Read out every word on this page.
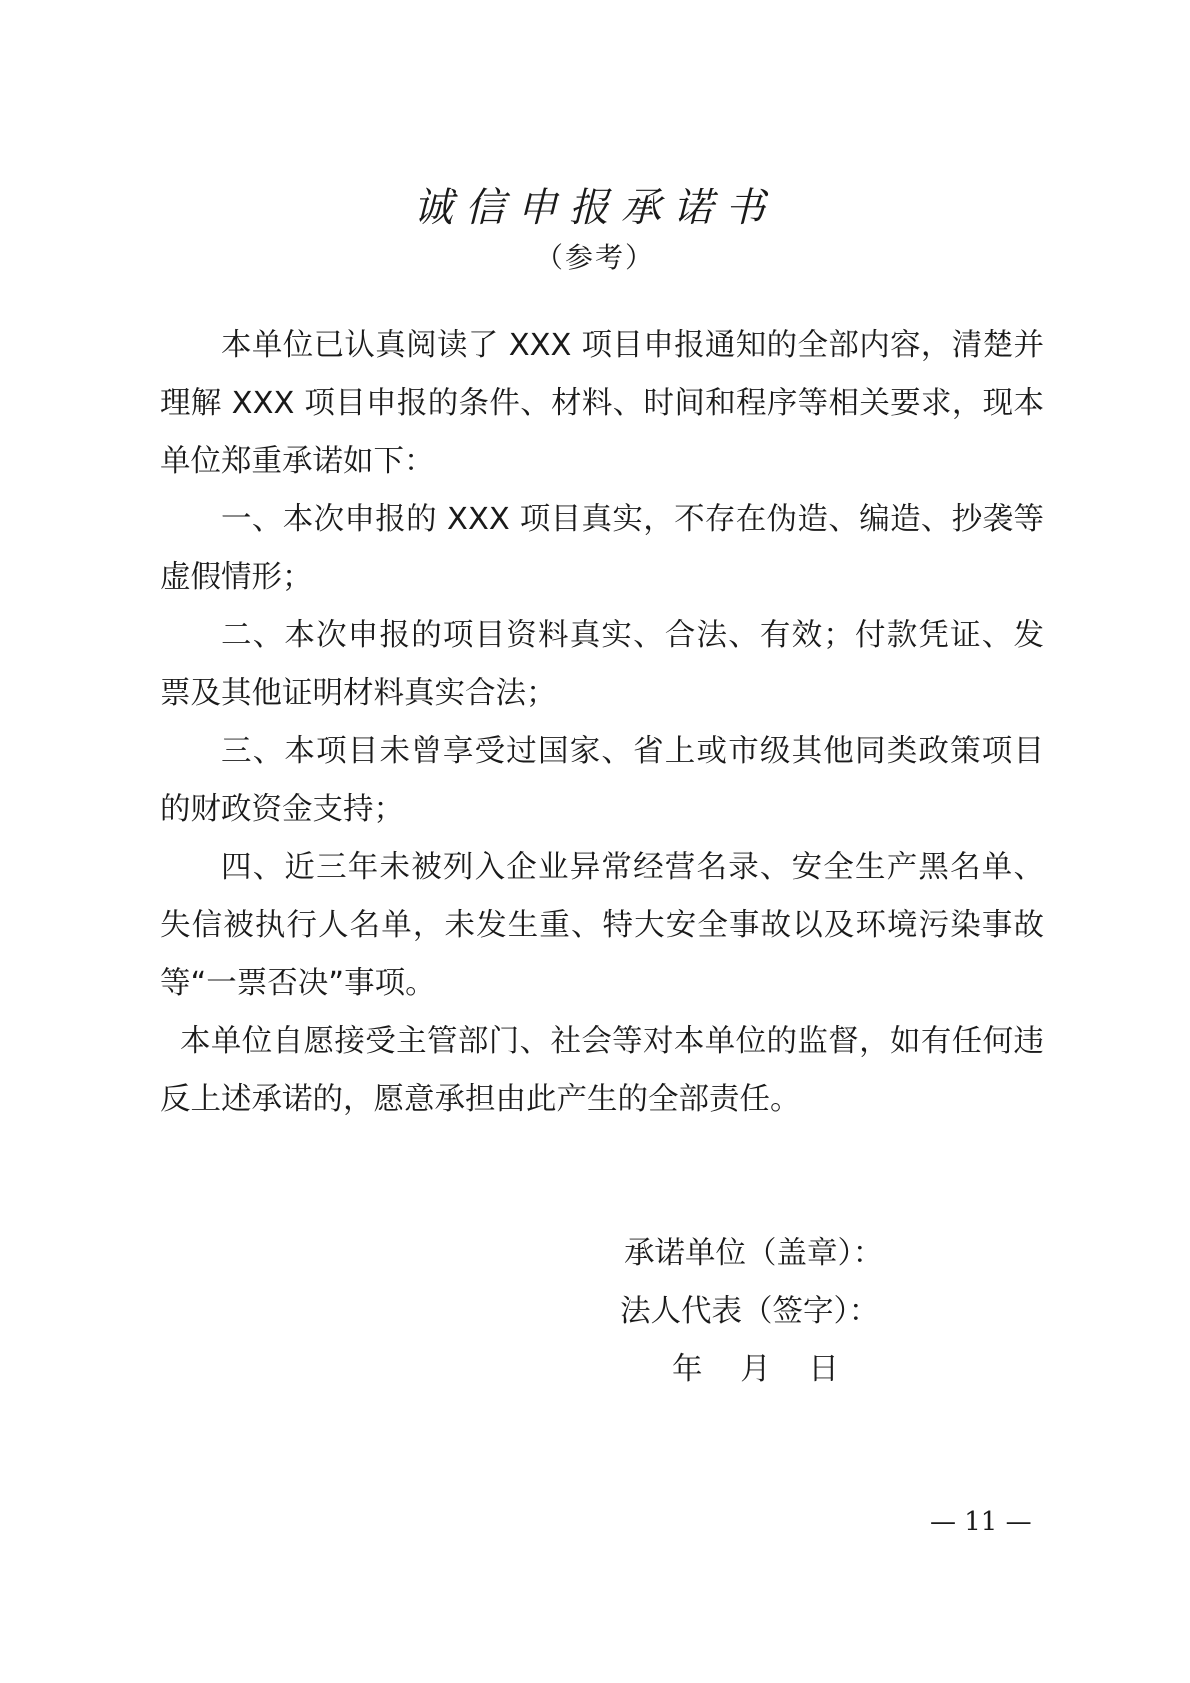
诚信申报承诺书
（参考）

本单位已认真阅读了 XXX 项目申报通知的全部内容，清楚并理解 XXX 项目申报的条件、材料、时间和程序等相关要求，现本单位郑重承诺如下：

一、本次申报的 XXX 项目真实，不存在伪造、编造、抄袭等虚假情形；

二、本次申报的项目资料真实、合法、有效；付款凭证、发票及其他证明材料真实合法；

三、本项目未曾享受过国家、省上或市级其他同类政策项目的财政资金支持；

四、近三年未被列入企业异常经营名录、安全生产黑名单、失信被执行人名单，未发生重、特大安全事故以及环境污染事故等“一票否决”事项。

本单位自愿接受主管部门、社会等对本单位的监督，如有任何违反上述承诺的，愿意承担由此产生的全部责任。

承诺单位（盖章）：
法人代表（签字）：
年 月 日
— 11 —
